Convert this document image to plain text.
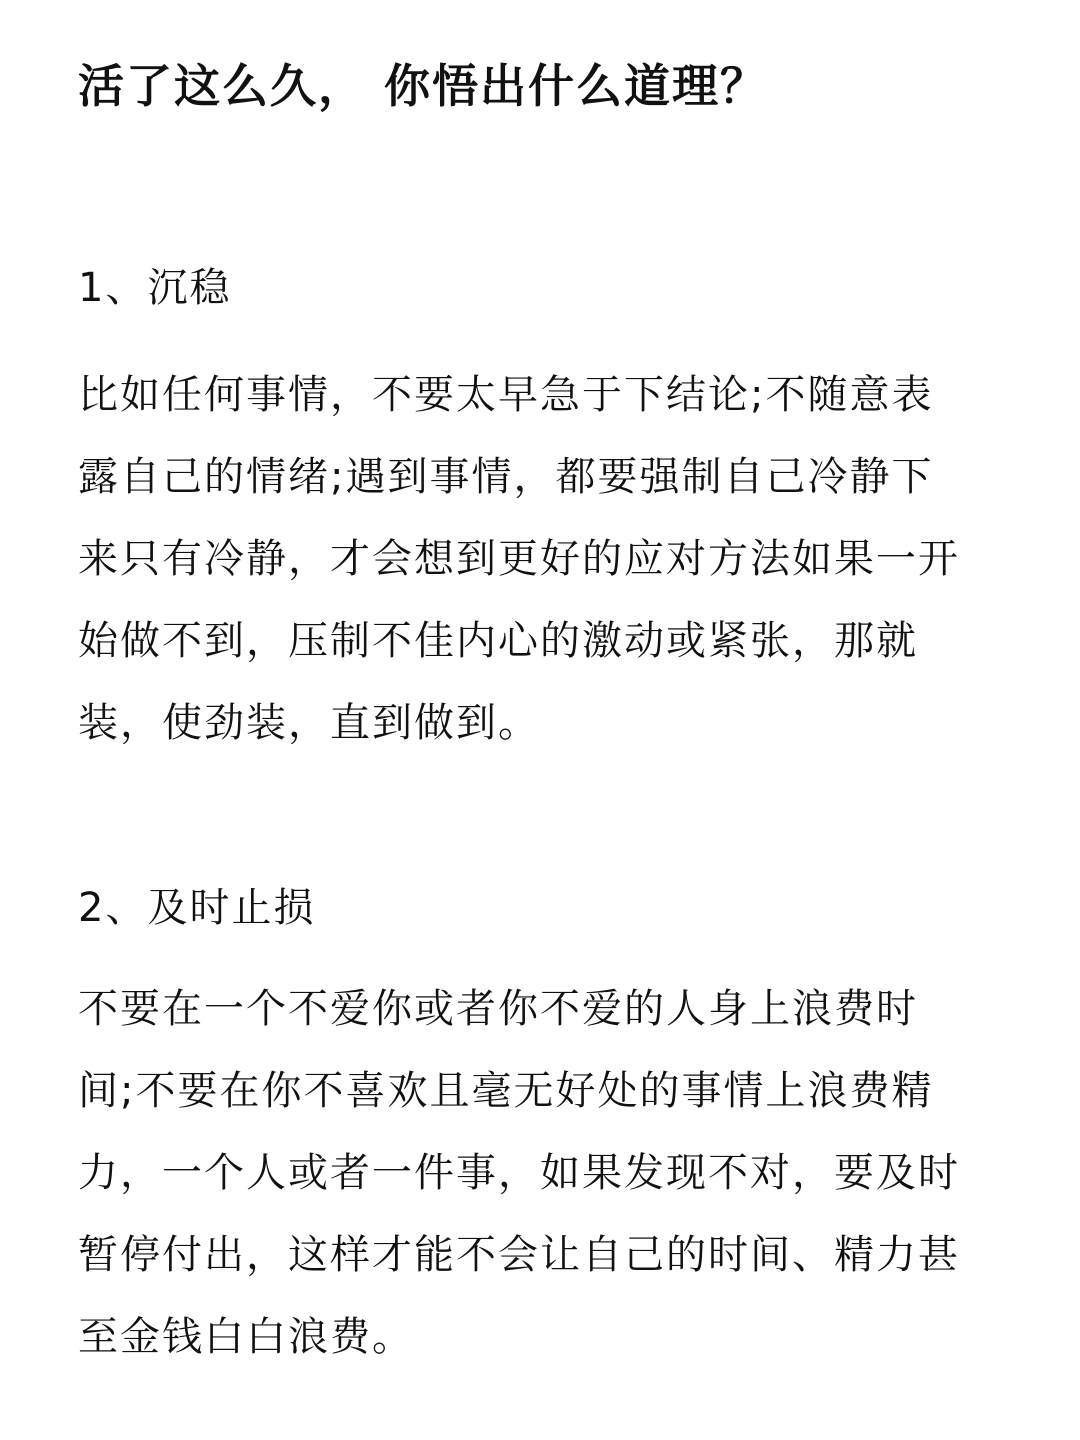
活了这么久， 你悟出什么道理？
1、沉稳

比如任何事情，不要太早急于下结论;不随意表
露自己的情绪;遇到事情，都要强制自己冷静下
来只有冷静，才会想到更好的应对方法如果一开
始做不到，压制不佳内心的激动或紧张，那就
装，使劲装，直到做到。

2、及时止损

不要在一个不爱你或者你不爱的人身上浪费时
间;不要在你不喜欢且毫无好处的事情上浪费精
力，一个人或者一件事，如果发现不对，要及时
暂停付出，这样才能不会让自己的时间、精力甚
至金钱白白浪费。
